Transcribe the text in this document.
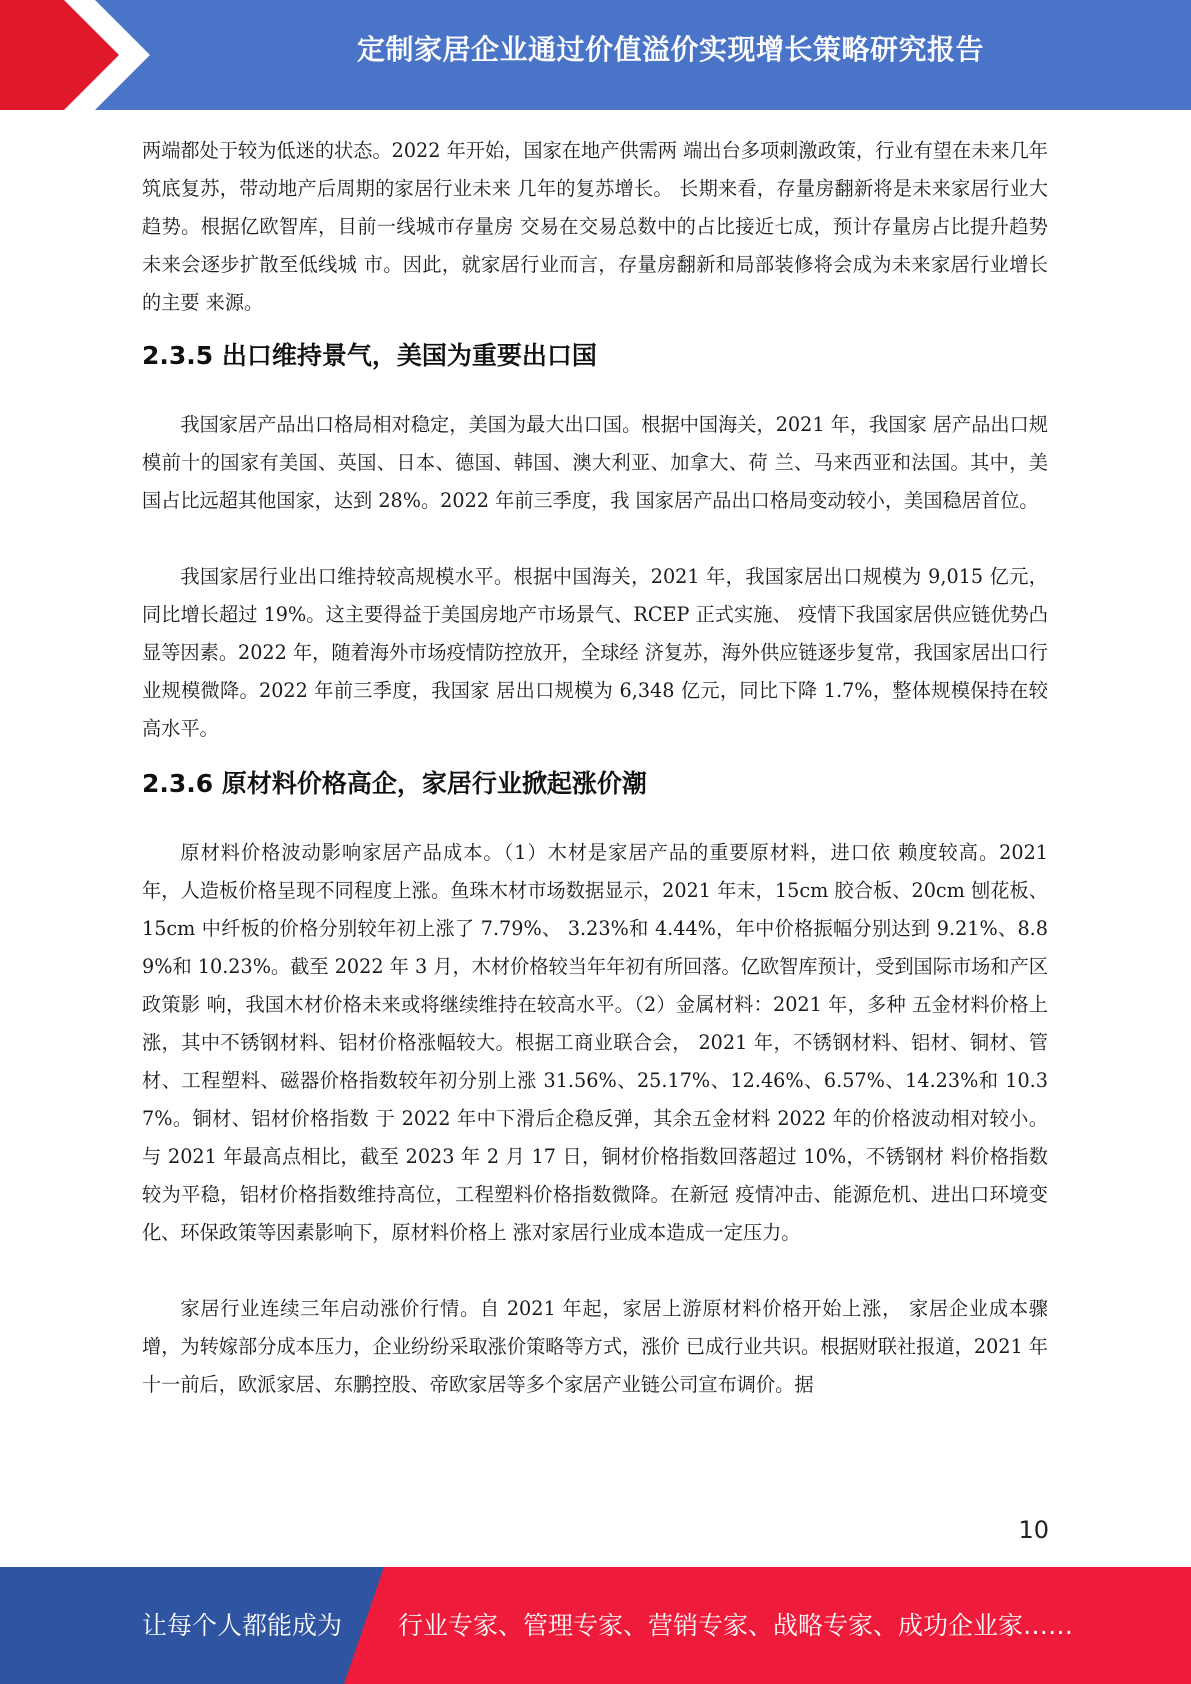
定制家居企业通过价值溢价实现增长策略研究报告

两端都处于较为低迷的状态。2022 年开始，国家在地产供需两 端出台多项刺激政策，行业有望在未来几年筑底复苏，带动地产后周期的家居行业未来 几年的复苏增长。 长期来看，存量房翻新将是未来家居行业大趋势。根据亿欧智库，目前一线城市存量房 交易在交易总数中的占比接近七成，预计存量房占比提升趋势未来会逐步扩散至低线城 市。因此，就家居行业而言，存量房翻新和局部装修将会成为未来家居行业增长的主要 来源。

2.3.5 出口维持景气，美国为重要出口国

我国家居产品出口格局相对稳定，美国为最大出口国。根据中国海关，2021 年，我国家 居产品出口规模前十的国家有美国、英国、日本、德国、韩国、澳大利亚、加拿大、荷 兰、马来西亚和法国。其中，美国占比远超其他国家，达到 28%。2022 年前三季度，我 国家居产品出口格局变动较小，美国稳居首位。

我国家居行业出口维持较高规模水平。根据中国海关，2021 年，我国家居出口规模为 9,015 亿元，同比增长超过 19%。这主要得益于美国房地产市场景气、RCEP 正式实施、 疫情下我国家居供应链优势凸显等因素。2022 年，随着海外市场疫情防控放开，全球经 济复苏，海外供应链逐步复常，我国家居出口行业规模微降。2022 年前三季度，我国家 居出口规模为 6,348 亿元，同比下降 1.7%，整体规模保持在较高水平。

2.3.6 原材料价格高企，家居行业掀起涨价潮

原材料价格波动影响家居产品成本。（1）木材是家居产品的重要原材料，进口依 赖度较高。2021 年，人造板价格呈现不同程度上涨。鱼珠木材市场数据显示，2021 年末，15cm 胶合板、20cm 刨花板、15cm 中纤板的价格分别较年初上涨了 7.79%、 3.23%和 4.44%，年中价格振幅分别达到 9.21%、8.89%和 10.23%。截至 2022 年 3 月，木材价格较当年年初有所回落。亿欧智库预计，受到国际市场和产区政策影 响，我国木材价格未来或将继续维持在较高水平。（2）金属材料：2021 年，多种 五金材料价格上涨，其中不锈钢材料、铝材价格涨幅较大。根据工商业联合会， 2021 年，不锈钢材料、铝材、铜材、管材、工程塑料、磁器价格指数较年初分别上涨 31.56%、25.17%、12.46%、6.57%、14.23%和 10.37%。铜材、铝材价格指数 于 2022 年中下滑后企稳反弹，其余五金材料 2022 年的价格波动相对较小。与 2021 年最高点相比，截至 2023 年 2 月 17 日，铜材价格指数回落超过 10%，不锈钢材 料价格指数较为平稳，铝材价格指数维持高位，工程塑料价格指数微降。在新冠 疫情冲击、能源危机、进出口环境变化、环保政策等因素影响下，原材料价格上 涨对家居行业成本造成一定压力。

家居行业连续三年启动涨价行情。自 2021 年起，家居上游原材料价格开始上涨， 家居企业成本骤增，为转嫁部分成本压力，企业纷纷采取涨价策略等方式，涨价 已成行业共识。根据财联社报道，2021 年十一前后，欧派家居、东鹏控股、帝欧家居等多个家居产业链公司宣布调价。据

10
让每个人都能成为 行业专家、管理专家、营销专家、战略专家、成功企业家……
